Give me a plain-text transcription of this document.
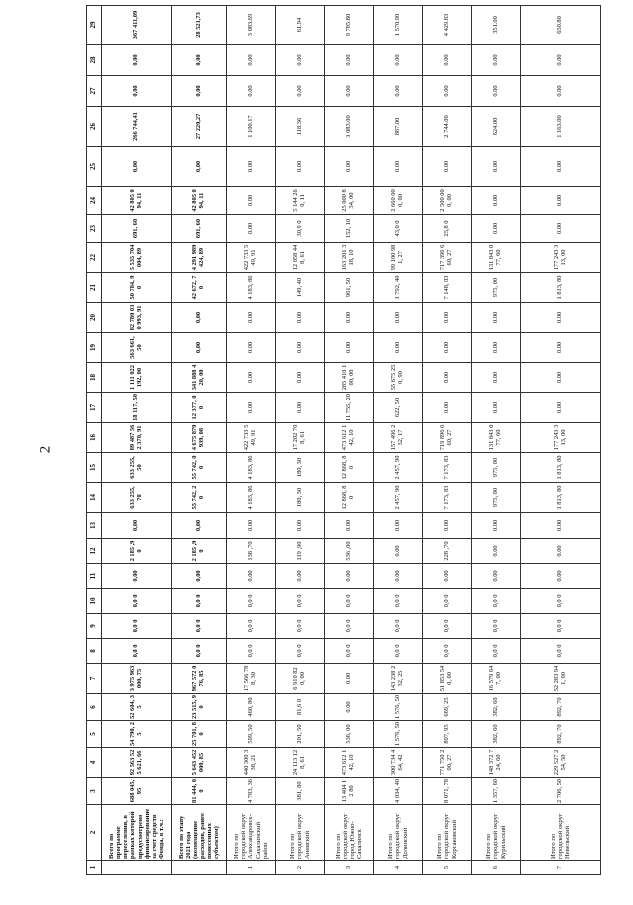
2
1	2	3	4	5	6	7	8	9	10	11	12	13	14	15	16	17	18	19	20	21	22	23	24	25	26	27	28	29
	Всего по программе переселения, в рамках которой предусмотрено финансирование за счет средств Фонда, в т.ч.:	688 045, 95	92 563 525 621, 66	54 790, 25	52 604, 35	3 975 963 000, 75	0,0 0	0,0 0	0,0 0	0,00	2 185 ,90	0,00	633 255, 70	633 255, 50	89 487 562 370, 91	18 117, 50	1 111 022 192, 00	563 661, 50	82 780 030 993, 91	50 784, 90	5 535 704 004, 89	691, 60	42 805 094, 11	0,00	266 744,41	0,00	0,00	367 411,09
	Всего по этапу 2021 года (возмещение расходов, ранее понесенных субъектом)	81 444, 00	5 643 452 000, 85	25 701, 80	23 515, 90	967 572 076, 85	0,0 0	0,0 0	0,0 0	0,00	2 185 ,90	0,00	55 742, 20	55 742, 00	4 675 879 939, 08	12 377, 00	341 888 420, 00	0,00	0,00	42 672, 70	4 291 989 424, 89	691, 60	42 805 094, 11	0,00	27 220,27	0,00	0,00	28 521,73
1	Итого по городской округ Александровск-Сахалинский район	4 783, 36	440 300 338, 21	599, 50	460, 80	17 566 788, 30	0,0 0	0,0 0	0,0 0	0.00	138 ,70	0.00	4 183, 86	4 183, 86	422 733 549, 91	0.00	0.00	0.00	0.00	4 183, 86	422 733 549, 91	0.00	0.00	0.00	1 100.17	0.00	0.00	3 083.69
2	Итого по городской округ Анивский	381, 80	24 113 128, 61	201, 50	81,6 0	6 910 820, 00	0,0 0	0,0 0	0,0 0	0.00	119 ,90	0.00	180, 30	180, 30	17 202 708, 61	0.00	0.00	0.00	0.00	149, 40	12 058 448, 61	30,9 0	5 144 260, 11	0.00	118.36	0.00	0.00	61.94
3	Итого по городской округ город Южно-Сахалинск	13 404 12 80	473 612 142, 10	536, 00	0.00	0.00	0,0 0	0,0 0	0,0 0	0.00	536 ,00	0.00	12 868, 80	12 868, 80	473 612 142, 10	11 755, 20	285 410 100, 00	0.00	0.00	961, 50	163 201 318, 10	152, 10	25 000 834, 00	0.00	3 083.00	0.00	0.00	9 785.80
4	Итого по городской округ Долинский	4 034, 40	300 734 464, 42	1 576, 50	1 576, 50	143 238 232, 25	0,0 0	0,0 0	0,0 0	0.00	0.00	0.00	2 457, 90	2 457, 90	157 496 232, 17	622, 50	55 675 250, 90	0.00	0.00	1 792, 40	99 100 981, 27	43,0 0	2 660 000, 00	0.00	887.00	0.00	0.00	1 570.90
5	Итого по городской округ Корсаковский	8 071, 78	771 750 200, 27	897, 95	669, 25	51 853 540, 00	0,0 0	0,0 0	0,0 0	0.00	228 ,70	0.00	7 173, 83	7 173, 83	719 896 660, 27	0.00	0.00	0.00	0.00	7 148, 03	717 396 660, 27	25,8 0	2 500 000, 00	0.00	2 744.00	0.00	0.00	4 429.83
6	Итого по городской округ Курильский	1 357, 60	148 372 724, 60	382, 60	382, 60	16 579 647, 00	0,0 0	0,0 0	0,0 0	0.00	0.00	0.00	975, 00	975, 00	131 843 077, 60	0.00	0.00	0.00	0.00	975, 00	131 843 077, 60	0.00	0.00	0.00	624.00	0.00	0.00	351.00
7	Итого по городской округ Невельский	2 706, 50	229 527 254, 50	892, 70	892, 70	52 283 941, 00	0,0 0	0,0 0	0,0 0	0.00	0.00	0.00	1 813, 80	1 813, 80	177 243 313, 00	0.00	0.00	0.00	0.00	1 813, 80	177 243 313, 00	0.00	0.00	0.00	1 163.00	0.00	0.00	650.80
